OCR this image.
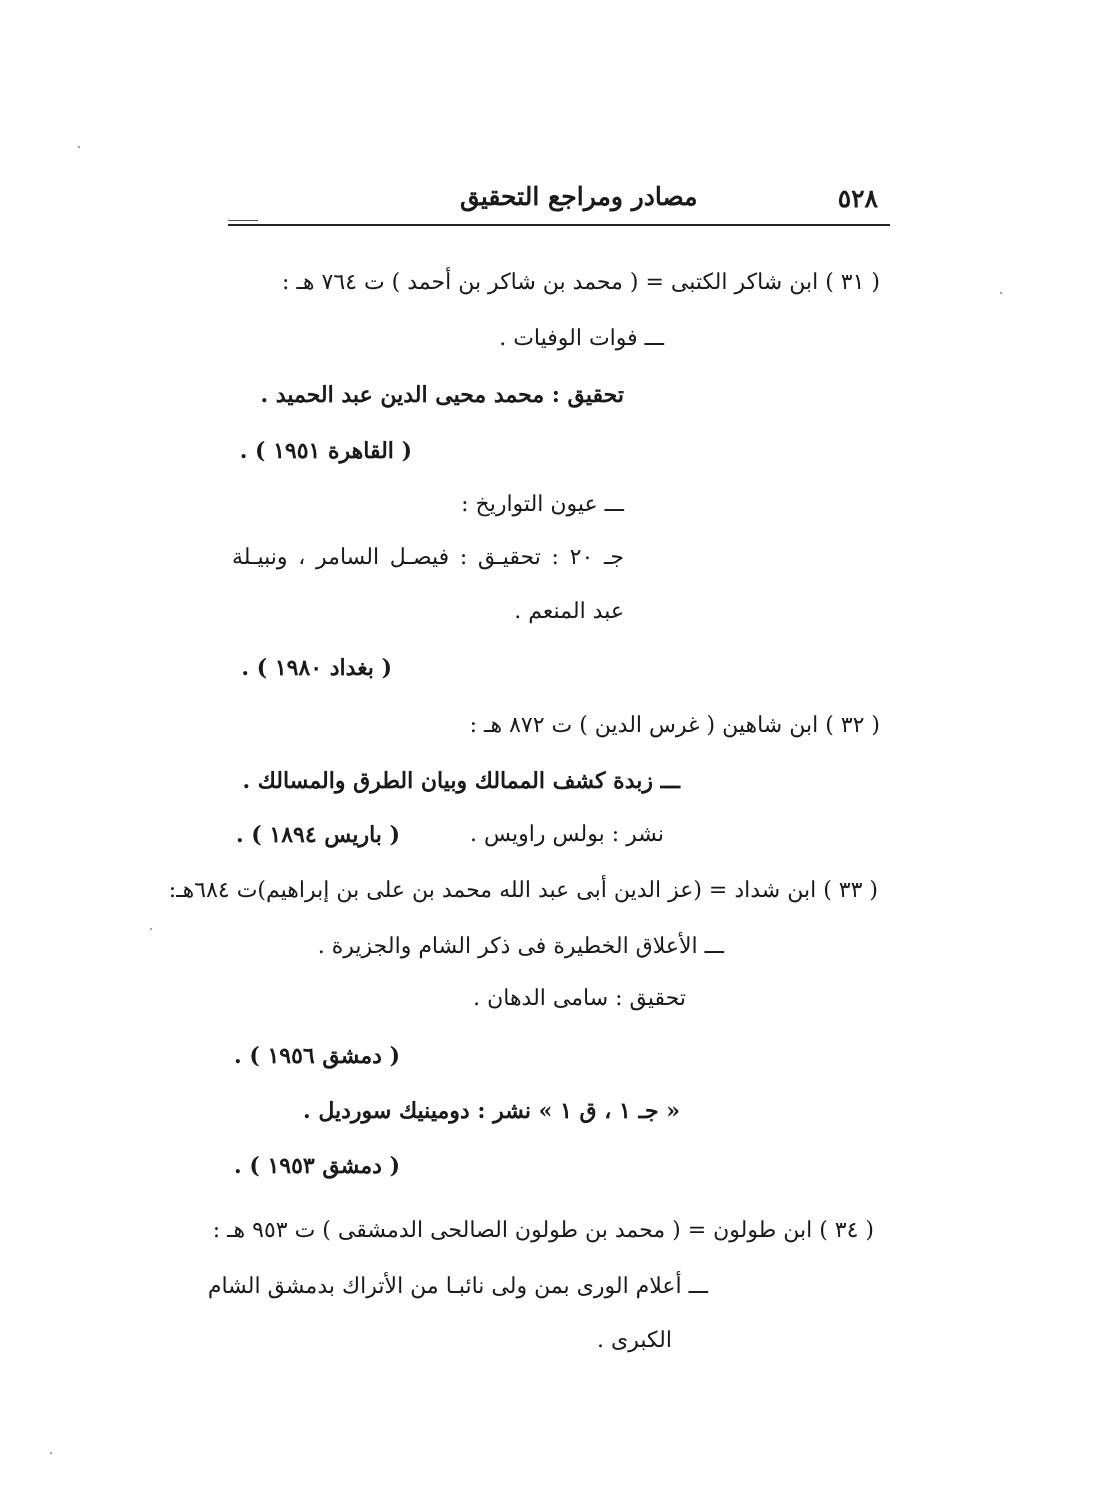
٥٢٨
مصادر ومراجع التحقيق
( ٣١ ) ابن شاكر الكتبى = ( محمد بن شاكر بن أحمد ) ت ٧٦٤ هـ :
ـــ فوات الوفيات .
تحقيق : محمد محيى الدين عبد الحميد .
( القاهرة ١٩٥١ ) .
ـــ عيون التواريخ :
جـ ٢٠ : تحقيـق : فيصـل السامر ، ونبيـلة
عبد المنعم .
( بغداد ١٩٨٠ ) .
( ٣٢ ) ابن شاهين ( غرس الدين ) ت ٨٧٢ هـ :
ـــ زبدة كشف الممالك وبيان الطرق والمسالك .
( باريس ١٨٩٤ ) .	نشر : بولس راويس .
( ٣٣ ) ابن شداد = (عز الدين أبى عبد الله محمد بن على بن إبراهيم)ت ٦٨٤هـ:
ـــ الأعلاق الخطيرة فى ذكر الشام والجزيرة .
تحقيق : سامى الدهان .
( دمشق ١٩٥٦ ) .
« جـ ١ ، ق ١ » نشر : دومينيك سورديل .
( دمشق ١٩٥٣ ) .
( ٣٤ ) ابن طولون = ( محمد بن طولون الصالحى الدمشقى ) ت ٩٥٣ هـ :
ـــ أعلام الورى بمن ولى نائبـا من الأتراك بدمشق الشام
الكبرى .
